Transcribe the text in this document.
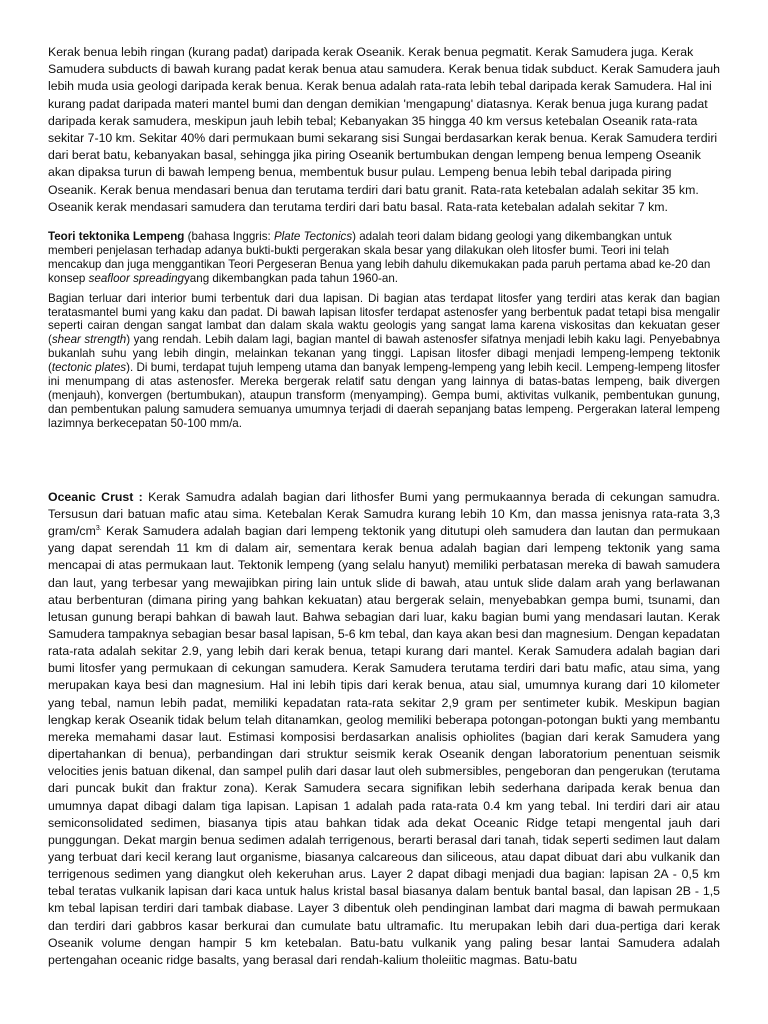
Kerak benua lebih ringan (kurang padat) daripada kerak Oseanik. Kerak benua pegmatit. Kerak Samudera juga. Kerak Samudera subducts di bawah kurang padat kerak benua atau samudera. Kerak benua tidak subduct. Kerak Samudera jauh lebih muda usia geologi daripada kerak benua. Kerak benua adalah rata-rata lebih tebal daripada kerak Samudera. Hal ini kurang padat daripada materi mantel bumi dan dengan demikian 'mengapung' diatasnya. Kerak benua juga kurang padat daripada kerak samudera, meskipun jauh lebih tebal; Kebanyakan 35 hingga 40 km versus ketebalan Oseanik rata-rata sekitar 7-10 km. Sekitar 40% dari permukaan bumi sekarang sisi Sungai berdasarkan kerak benua. Kerak Samudera terdiri dari berat batu, kebanyakan basal, sehingga jika piring Oseanik bertumbukan dengan lempeng benua lempeng Oseanik akan dipaksa turun di bawah lempeng benua, membentuk busur pulau. Lempeng benua lebih tebal daripada piring Oseanik. Kerak benua mendasari benua dan terutama terdiri dari batu granit. Rata-rata ketebalan adalah sekitar 35 km. Oseanik kerak mendasari samudera dan terutama terdiri dari batu basal. Rata-rata ketebalan adalah sekitar 7 km.

Teori tektonika Lempeng (bahasa Inggris: Plate Tectonics) adalah teori dalam bidang geologi yang dikembangkan untuk memberi penjelasan terhadap adanya bukti-bukti pergerakan skala besar yang dilakukan oleh litosfer bumi. Teori ini telah mencakup dan juga menggantikan Teori Pergeseran Benua yang lebih dahulu dikemukakan pada paruh pertama abad ke-20 dan konsep seafloor spreadingyang dikembangkan pada tahun 1960-an.

Bagian terluar dari interior bumi terbentuk dari dua lapisan. Di bagian atas terdapat litosfer yang terdiri atas kerak dan bagian teratasmantel bumi yang kaku dan padat. Di bawah lapisan litosfer terdapat astenosfer yang berbentuk padat tetapi bisa mengalir seperti cairan dengan sangat lambat dan dalam skala waktu geologis yang sangat lama karena viskositas dan kekuatan geser (shear strength) yang rendah. Lebih dalam lagi, bagian mantel di bawah astenosfer sifatnya menjadi lebih kaku lagi. Penyebabnya bukanlah suhu yang lebih dingin, melainkan tekanan yang tinggi. Lapisan litosfer dibagi menjadi lempeng-lempeng tektonik (tectonic plates). Di bumi, terdapat tujuh lempeng utama dan banyak lempeng-lempeng yang lebih kecil. Lempeng-lempeng litosfer ini menumpang di atas astenosfer. Mereka bergerak relatif satu dengan yang lainnya di batas-batas lempeng, baik divergen (menjauh), konvergen (bertumbukan), ataupun transform (menyamping). Gempa bumi, aktivitas vulkanik, pembentukan gunung, dan pembentukan palung samudera semuanya umumnya terjadi di daerah sepanjang batas lempeng. Pergerakan lateral lempeng lazimnya berkecepatan 50-100 mm/a.

Oceanic Crust : Kerak Samudra adalah bagian dari lithosfer Bumi yang permukaannya berada di cekungan samudra. Tersusun dari batuan mafic atau sima. Ketebalan Kerak Samudra kurang lebih 10 Km, dan massa jenisnya rata-rata 3,3 gram/$cm^{3.}$ Kerak Samudera adalah bagian dari lempeng tektonik yang ditutupi oleh samudera dan lautan dan permukaan yang dapat serendah 11 km di dalam air, sementara kerak benua adalah bagian dari lempeng tektonik yang sama mencapai di atas permukaan laut. Tektonik lempeng (yang selalu hanyut) memiliki perbatasan mereka di bawah samudera dan laut, yang terbesar yang mewajibkan piring lain untuk slide di bawah, atau untuk slide dalam arah yang berlawanan atau berbenturan (dimana piring yang bahkan kekuatan) atau bergerak selain, menyebabkan gempa bumi, tsunami, dan letusan gunung berapi bahkan di bawah laut. Bahwa sebagian dari luar, kaku bagian bumi yang mendasari lautan. Kerak Samudera tampaknya sebagian besar basal lapisan, 5-6 km tebal, dan kaya akan besi dan magnesium. Dengan kepadatan rata-rata adalah sekitar 2.9, yang lebih dari kerak benua, tetapi kurang dari mantel. Kerak Samudera adalah bagian dari bumi litosfer yang permukaan di cekungan samudera. Kerak Samudera terutama terdiri dari batu mafic, atau sima, yang merupakan kaya besi dan magnesium. Hal ini lebih tipis dari kerak benua, atau sial, umumnya kurang dari 10 kilometer yang tebal, namun lebih padat, memiliki kepadatan rata-rata sekitar 2,9 gram per sentimeter kubik. Meskipun bagian lengkap kerak Oseanik tidak belum telah ditanamkan, geolog memiliki beberapa potongan-potongan bukti yang membantu mereka memahami dasar laut. Estimasi komposisi berdasarkan analisis ophiolites (bagian dari kerak Samudera yang dipertahankan di benua), perbandingan dari struktur seismik kerak Oseanik dengan laboratorium penentuan seismik velocities jenis batuan dikenal, dan sampel pulih dari dasar laut oleh submersibles, pengeboran dan pengerukan (terutama dari puncak bukit dan fraktur zona). Kerak Samudera secara signifikan lebih sederhana daripada kerak benua dan umumnya dapat dibagi dalam tiga lapisan. Lapisan 1 adalah pada rata-rata 0.4 km yang tebal. Ini terdiri dari air atau semiconsolidated sedimen, biasanya tipis atau bahkan tidak ada dekat Oceanic Ridge tetapi mengental jauh dari punggungan. Dekat margin benua sedimen adalah terrigenous, berarti berasal dari tanah, tidak seperti sedimen laut dalam yang terbuat dari kecil kerang laut organisme, biasanya calcareous dan siliceous, atau dapat dibuat dari abu vulkanik dan terrigenous sedimen yang diangkut oleh kekeruhan arus. Layer 2 dapat dibagi menjadi dua bagian: lapisan 2A - 0,5 km tebal teratas vulkanik lapisan dari kaca untuk halus kristal basal biasanya dalam bentuk bantal basal, dan lapisan 2B - 1,5 km tebal lapisan terdiri dari tambak diabase. Layer 3 dibentuk oleh pendinginan lambat dari magma di bawah permukaan dan terdiri dari gabbros kasar berkurai dan cumulate batu ultramafic. Itu merupakan lebih dari dua-pertiga dari kerak Oseanik volume dengan hampir 5 km ketebalan. Batu-batu vulkanik yang paling besar lantai Samudera adalah pertengahan oceanic ridge basalts, yang berasal dari rendah-kalium tholeiitic magmas. Batu-batu
